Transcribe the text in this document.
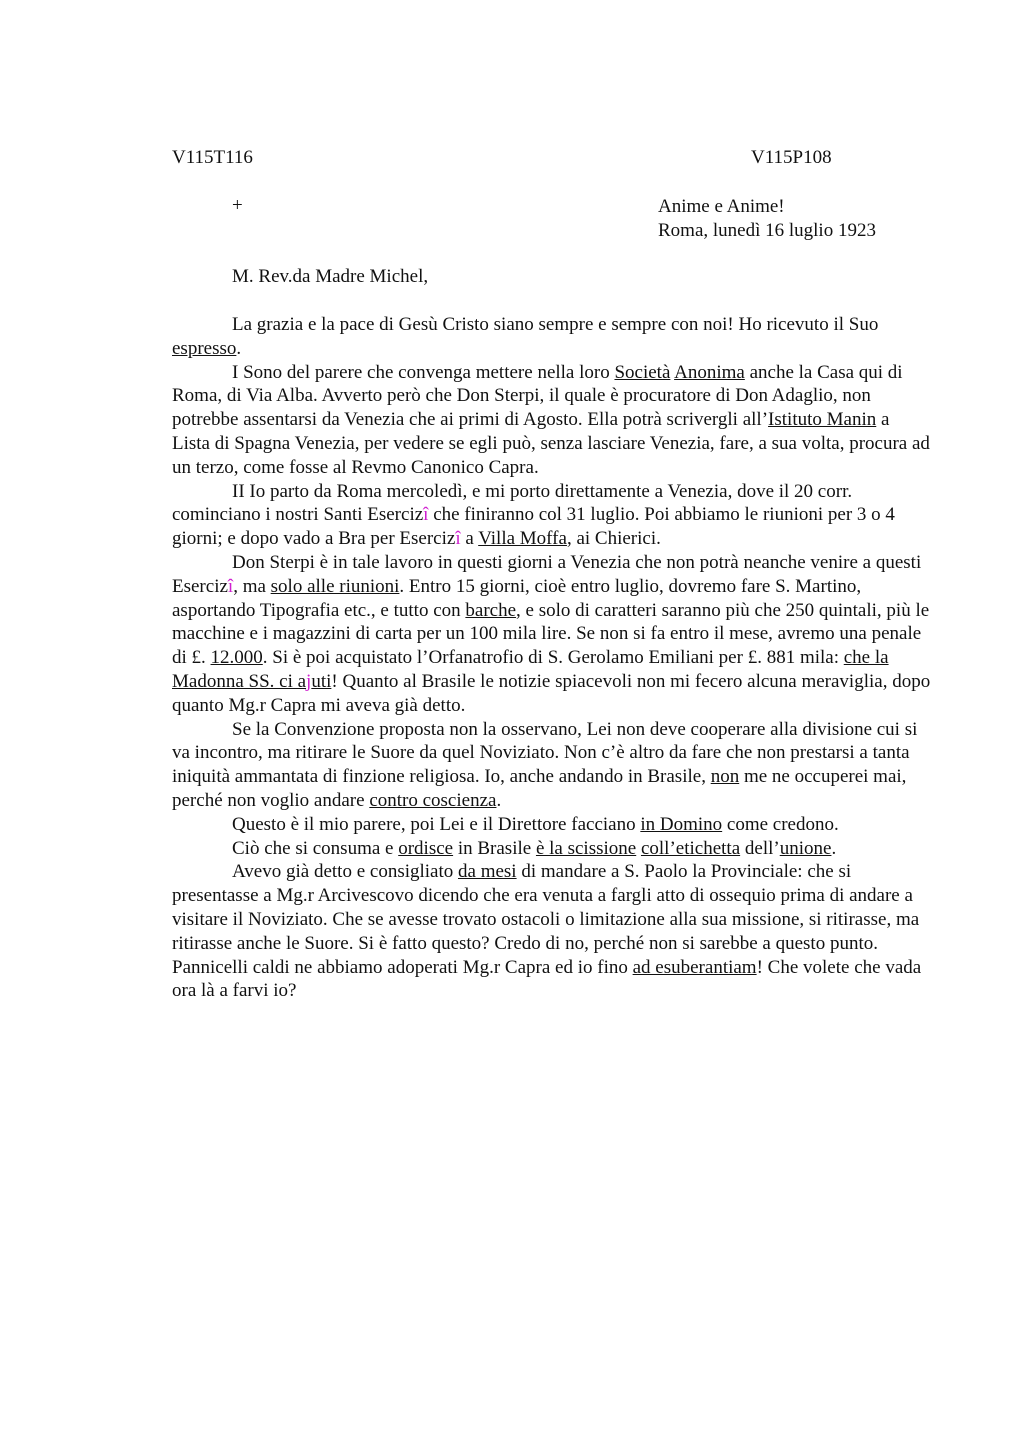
V115T116	V115P108
+	Anime e Anime!
Roma, lunedì 16 luglio 1923
M. Rev.da Madre Michel,

La grazia e la pace di Gesù Cristo siano sempre e sempre con noi! Ho ricevuto il Suo espresso.

I Sono del parere che convenga mettere nella loro Società Anonima anche la Casa qui di Roma, di Via Alba. Avverto però che Don Sterpi, il quale è procuratore di Don Adaglio, non potrebbe assentarsi da Venezia che ai primi di Agosto. Ella potrà scrivergli all’Istituto Manin a Lista di Spagna Venezia, per vedere se egli può, senza lasciare Venezia, fare, a sua volta, procura ad un terzo, come fosse al Revmo Canonico Capra.

II Io parto da Roma mercoledì, e mi porto direttamente a Venezia, dove il 20 corr. cominciano i nostri Santi Esercizî che finiranno col 31 luglio. Poi abbiamo le riunioni per 3 o 4 giorni; e dopo vado a Bra per Esercizî a Villa Moffa, ai Chierici.

Don Sterpi è in tale lavoro in questi giorni a Venezia che non potrà neanche venire a questi Esercizî, ma solo alle riunioni. Entro 15 giorni, cioè entro luglio, dovremo fare S. Martino, asportando Tipografia etc., e tutto con barche, e solo di caratteri saranno più che 250 quintali, più le macchine e i magazzini di carta per un 100 mila lire. Se non si fa entro il mese, avremo una penale di £. 12.000. Si è poi acquistato l’Orfanatrofio di S. Gerolamo Emiliani per £. 881 mila: che la Madonna SS. ci ajuti! Quanto al Brasile le notizie spiacevoli non mi fecero alcuna meraviglia, dopo quanto Mg.r Capra mi aveva già detto.

Se la Convenzione proposta non la osservano, Lei non deve cooperare alla divisione cui si va incontro, ma ritirare le Suore da quel Noviziato. Non c’è altro da fare che non prestarsi a tanta iniquità ammantata di finzione religiosa. Io, anche andando in Brasile, non me ne occuperei mai, perché non voglio andare contro coscienza.

Questo è il mio parere, poi Lei e il Direttore facciano in Domino come credono.

Ciò che si consuma e ordisce in Brasile è la scissione coll’etichetta dell’unione.

Avevo già detto e consigliato da mesi di mandare a S. Paolo la Provinciale: che si presentasse a Mg.r Arcivescovo dicendo che era venuta a fargli atto di ossequio prima di andare a visitare il Noviziato. Che se avesse trovato ostacoli o limitazione alla sua missione, si ritirasse, ma ritirasse anche le Suore. Si è fatto questo? Credo di no, perché non si sarebbe a questo punto. Pannicelli caldi ne abbiamo adoperati Mg.r Capra ed io fino ad esuberantiam! Che volete che vada ora là a farvi io?
